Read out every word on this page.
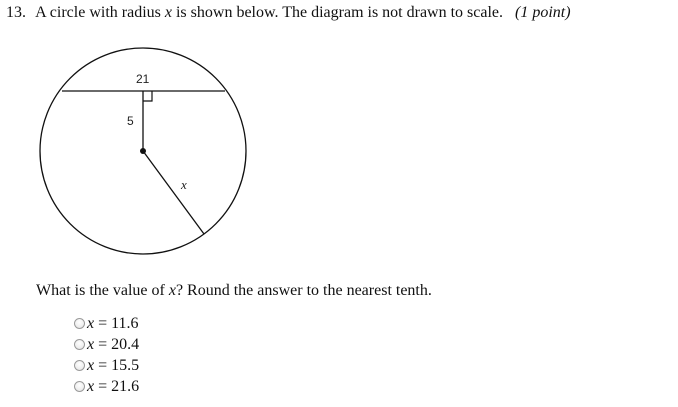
13. A circle with radius x is shown below. The diagram is not drawn to scale. (1 point)
21
5
x
What is the value of x? Round the answer to the nearest tenth.
x = 11.6
x = 20.4
x = 15.5
x = 21.6
